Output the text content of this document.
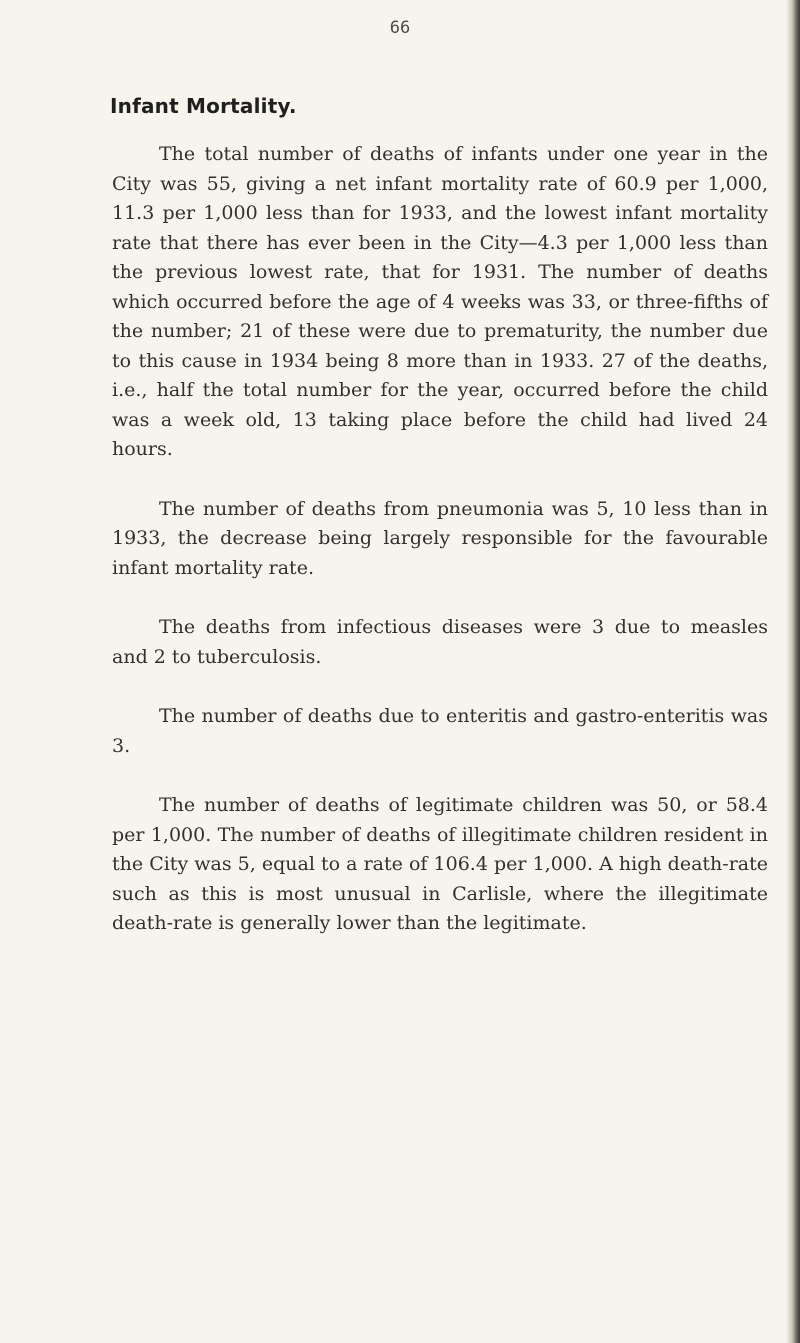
66
Infant Mortality.

The total number of deaths of infants under one year in the City was 55, giving a net infant mortality rate of 60.9 per 1,000, 11.3 per 1,000 less than for 1933, and the lowest infant mortality rate that there has ever been in the City—4.3 per 1,000 less than the previous lowest rate, that for 1931. The number of deaths which occurred before the age of 4 weeks was 33, or three-fifths of the number; 21 of these were due to prematurity, the number due to this cause in 1934 being 8 more than in 1933. 27 of the deaths, i.e., half the total number for the year, occurred before the child was a week old, 13 taking place before the child had lived 24 hours.

The number of deaths from pneumonia was 5, 10 less than in 1933, the decrease being largely responsible for the favourable infant mortality rate.

The deaths from infectious diseases were 3 due to measles and 2 to tuberculosis.

The number of deaths due to enteritis and gastro-enteritis was 3.

The number of deaths of legitimate children was 50, or 58.4 per 1,000. The number of deaths of illegitimate children resident in the City was 5, equal to a rate of 106.4 per 1,000. A high death-rate such as this is most unusual in Carlisle, where the illegitimate death-rate is generally lower than the legitimate.
